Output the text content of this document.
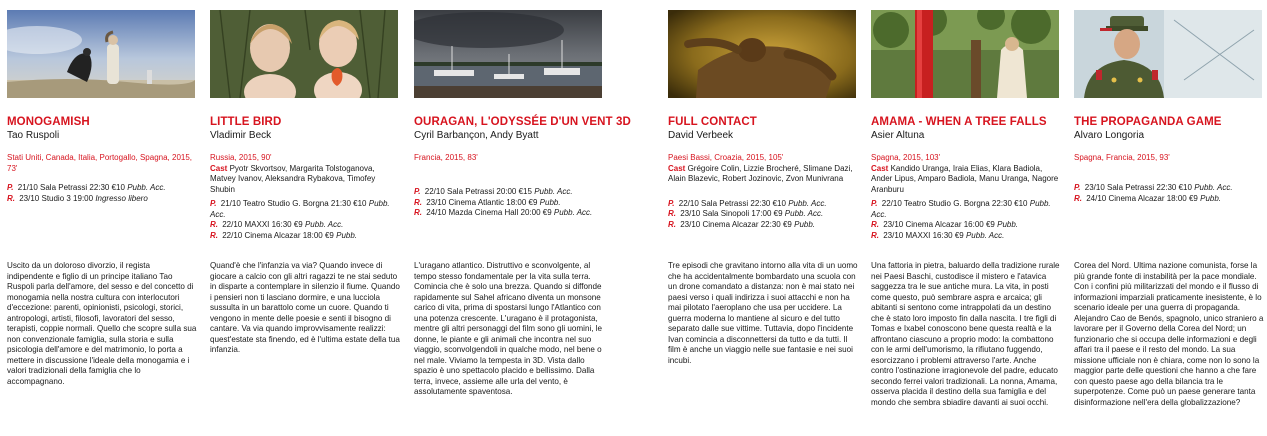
MONOGAMISH
Tao Ruspoli
Stati Uniti, Canada, Italia, Portogallo, Spagna, 2015, 73'
P. 21/10 Sala Petrassi 22:30 €10 Pubb. Acc.
R. 23/10 Studio 3 19:00 Ingresso libero
Uscito da un doloroso divorzio, il regista indipendente e figlio di un principe italiano Tao Ruspoli parla dell'amore, del sesso e del concetto di monogamia nella nostra cultura con interlocutori d'eccezione: parenti, opinionisti, psicologi, storici, antropologi, artisti, filosofi, lavoratori del sesso, terapisti, coppie normali. Quello che scopre sulla sua non convenzionale famiglia, sulla storia e sulla psicologia dell'amore e del matrimonio, lo porta a mettere in discussione l'ideale della monogamia e i valori tradizionali della famiglia che lo accompagnano.
LITTLE BIRD
Vladimir Beck
Russia, 2015, 90'
Cast Pyotr Skvortsov, Margarita Tolstoganova, Matvey Ivanov, Aleksandra Rybakova, Timofey Shubin
P. 21/10 Teatro Studio G. Borgna 21:30 €10 Pubb. Acc.
R. 22/10 MAXXI 16:30 €9 Pubb. Acc.
R. 22/10 Cinema Alcazar 18:00 €9 Pubb.
Quand'è che l'infanzia va via? Quando invece di giocare a calcio con gli altri ragazzi te ne stai seduto in disparte a contemplare in silenzio il fiume. Quando i pensieri non ti lasciano dormire, e una lucciola sussulta in un barattolo come un cuore. Quando ti vengono in mente delle poesie e senti il bisogno di cantare. Va via quando improvvisamente realizzi: quest'estate sta finendo, ed è l'ultima estate della tua infanzia.
OURAGAN, L'ODYSSÉE D'UN VENT 3D
Cyril Barbançon, Andy Byatt
Francia, 2015, 83'
P. 22/10 Sala Petrassi 20:00 €15 Pubb. Acc.
R. 23/10 Cinema Atlantic 18:00 €9 Pubb.
R. 24/10 Mazda Cinema Hall 20:00 €9 Pubb. Acc.
L'uragano atlantico. Distruttivo e sconvolgente, al tempo stesso fondamentale per la vita sulla terra. Comincia che è solo una brezza. Quando si diffonde rapidamente sul Sahel africano diventa un monsone carico di vita, prima di spostarsi lungo l'Atlantico con una potenza crescente. L'uragano è il protagonista, mentre gli altri personaggi del film sono gli uomini, le donne, le piante e gli animali che incontra nel suo viaggio, sconvolgendoli in qualche modo, nel bene o nel male. Viviamo la tempesta in 3D. Vista dallo spazio è uno spettacolo placido e bellissimo. Dalla terra, invece, assieme alle urla del vento, è assolutamente spaventosa.
FULL CONTACT
David Verbeek
Paesi Bassi, Croazia, 2015, 105'
Cast Grégoire Colin, Lizzie Brocheré, Slimane Dazi, Alain Blazevic, Robert Jozinovic, Zvon Munivrana
P. 22/10 Sala Petrassi 22:30 €10 Pubb. Acc.
R. 23/10 Sala Sinopoli 17:00 €9 Pubb. Acc.
R. 23/10 Cinema Alcazar 22:30 €9 Pubb.
Tre episodi che gravitano intorno alla vita di un uomo che ha accidentalmente bombardato una scuola con un drone comandato a distanza: non è mai stato nei paesi verso i quali indirizza i suoi attacchi e non ha mai pilotato l'aeroplano che usa per uccidere. La guerra moderna lo mantiene al sicuro e del tutto separato dalle sue vittime. Tuttavia, dopo l'incidente Ivan comincia a disconnettersi da tutto e da tutti. Il film è anche un viaggio nelle sue fantasie e nei suoi incubi.
AMAMA - WHEN A TREE FALLS
Asier Altuna
Spagna, 2015, 103'
Cast Kandido Uranga, Iraia Elias, Klara Badiola, Ander Lipus, Amparo Badiola, Manu Uranga, Nagore Aranburu
P. 22/10 Teatro Studio G. Borgna 22:30 €10 Pubb. Acc.
R. 23/10 Cinema Alcazar 16:00 €9 Pubb.
R. 23/10 MAXXI 16:30 €9 Pubb. Acc.
Una fattoria in pietra, baluardo della tradizione rurale nei Paesi Baschi, custodisce il mistero e l'atavica saggezza tra le sue antiche mura. La vita, in posti come questo, può sembrare aspra e arcaica; gli abitanti si sentono come intrappolati da un destino che è stato loro imposto fin dalla nascita. I tre figli di Tomas e Ixabel conoscono bene questa realtà e la affrontano ciascuno a proprio modo: la combattono con le armi dell'umorismo, la rifiutano fuggendo, esorcizzano i problemi attraverso l'arte. Anche contro l'ostinazione irragionevole del padre, educato secondo ferrei valori tradizionali. La nonna, Amama, osserva placida il destino della sua famiglia e del mondo che sembra sbiadire davanti ai suoi occhi.
THE PROPAGANDA GAME
Alvaro Longoria
Spagna, Francia, 2015, 93'
P. 23/10 Sala Petrassi 22:30 €10 Pubb. Acc.
R. 24/10 Cinema Alcazar 18:00 €9 Pubb.
Corea del Nord. Ultima nazione comunista, forse la più grande fonte di instabilità per la pace mondiale. Con i confini più militarizzati del mondo e il flusso di informazioni imparziali praticamente inesistente, è lo scenario ideale per una guerra di propaganda. Alejandro Cao de Benós, spagnolo, unico straniero a lavorare per il Governo della Corea del Nord; un funzionario che si occupa delle informazioni e degli affari tra il paese e il resto del mondo. La sua missione ufficiale non è chiara, come non lo sono la maggior parte delle questioni che hanno a che fare con questo paese ago della bilancia tra le superpotenze. Come può un paese generare tanta disinformazione nell'era della globalizzazione?
